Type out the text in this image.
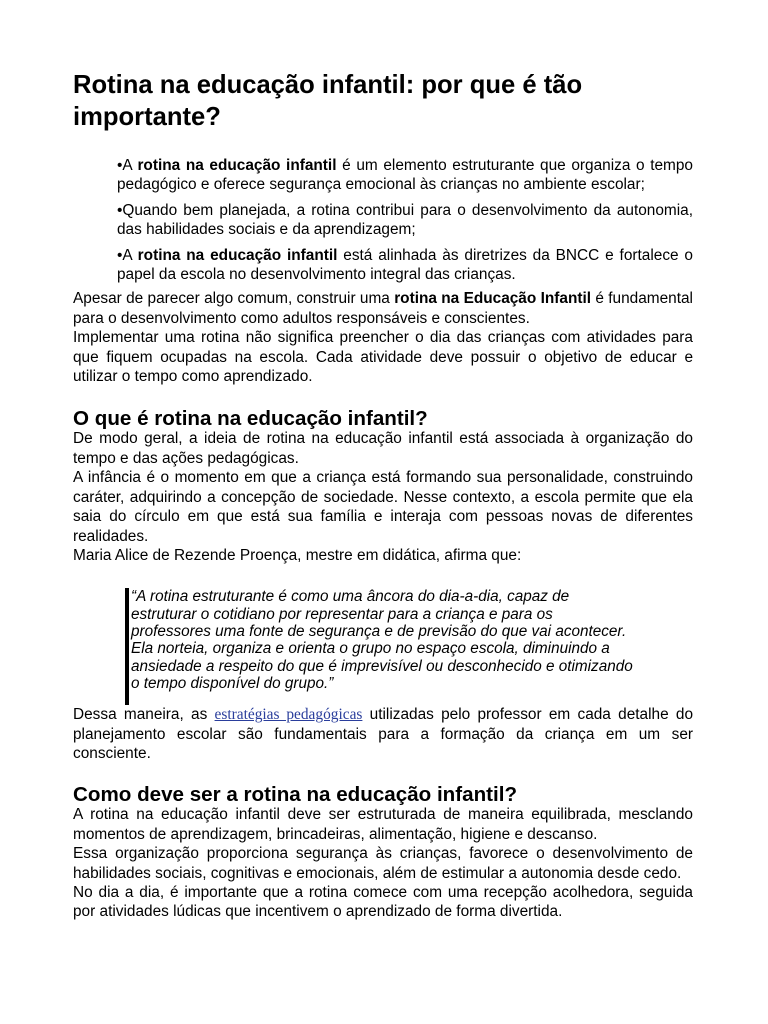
Rotina na educação infantil: por que é tão importante?
•A rotina na educação infantil é um elemento estruturante que organiza o tempo pedagógico e oferece segurança emocional às crianças no ambiente escolar;
•Quando bem planejada, a rotina contribui para o desenvolvimento da autonomia, das habilidades sociais e da aprendizagem;
•A rotina na educação infantil está alinhada às diretrizes da BNCC e fortalece o papel da escola no desenvolvimento integral das crianças.

Apesar de parecer algo comum, construir uma rotina na Educação Infantil é fundamental para o desenvolvimento como adultos responsáveis e conscientes.

Implementar uma rotina não significa preencher o dia das crianças com atividades para que fiquem ocupadas na escola. Cada atividade deve possuir o objetivo de educar e utilizar o tempo como aprendizado.

O que é rotina na educação infantil?

De modo geral, a ideia de rotina na educação infantil está associada à organização do tempo e das ações pedagógicas.

A infância é o momento em que a criança está formando sua personalidade, construindo caráter, adquirindo a concepção de sociedade. Nesse contexto, a escola permite que ela saia do círculo em que está sua família e interaja com pessoas novas de diferentes realidades.

Maria Alice de Rezende Proença, mestre em didática, afirma que:

“A rotina estruturante é como uma âncora do dia-a-dia, capaz de
estruturar o cotidiano por representar para a criança e para os
professores uma fonte de segurança e de previsão do que vai acontecer.
Ela norteia, organiza e orienta o grupo no espaço escola, diminuindo a
ansiedade a respeito do que é imprevisível ou desconhecido e otimizando
o tempo disponível do grupo.”

Dessa maneira, as estratégias pedagógicas utilizadas pelo professor em cada detalhe do planejamento escolar são fundamentais para a formação da criança em um ser consciente.

Como deve ser a rotina na educação infantil?

A rotina na educação infantil deve ser estruturada de maneira equilibrada, mesclando momentos de aprendizagem, brincadeiras, alimentação, higiene e descanso.

Essa organização proporciona segurança às crianças, favorece o desenvolvimento de habilidades sociais, cognitivas e emocionais, além de estimular a autonomia desde cedo.

No dia a dia, é importante que a rotina comece com uma recepção acolhedora, seguida por atividades lúdicas que incentivem o aprendizado de forma divertida.
